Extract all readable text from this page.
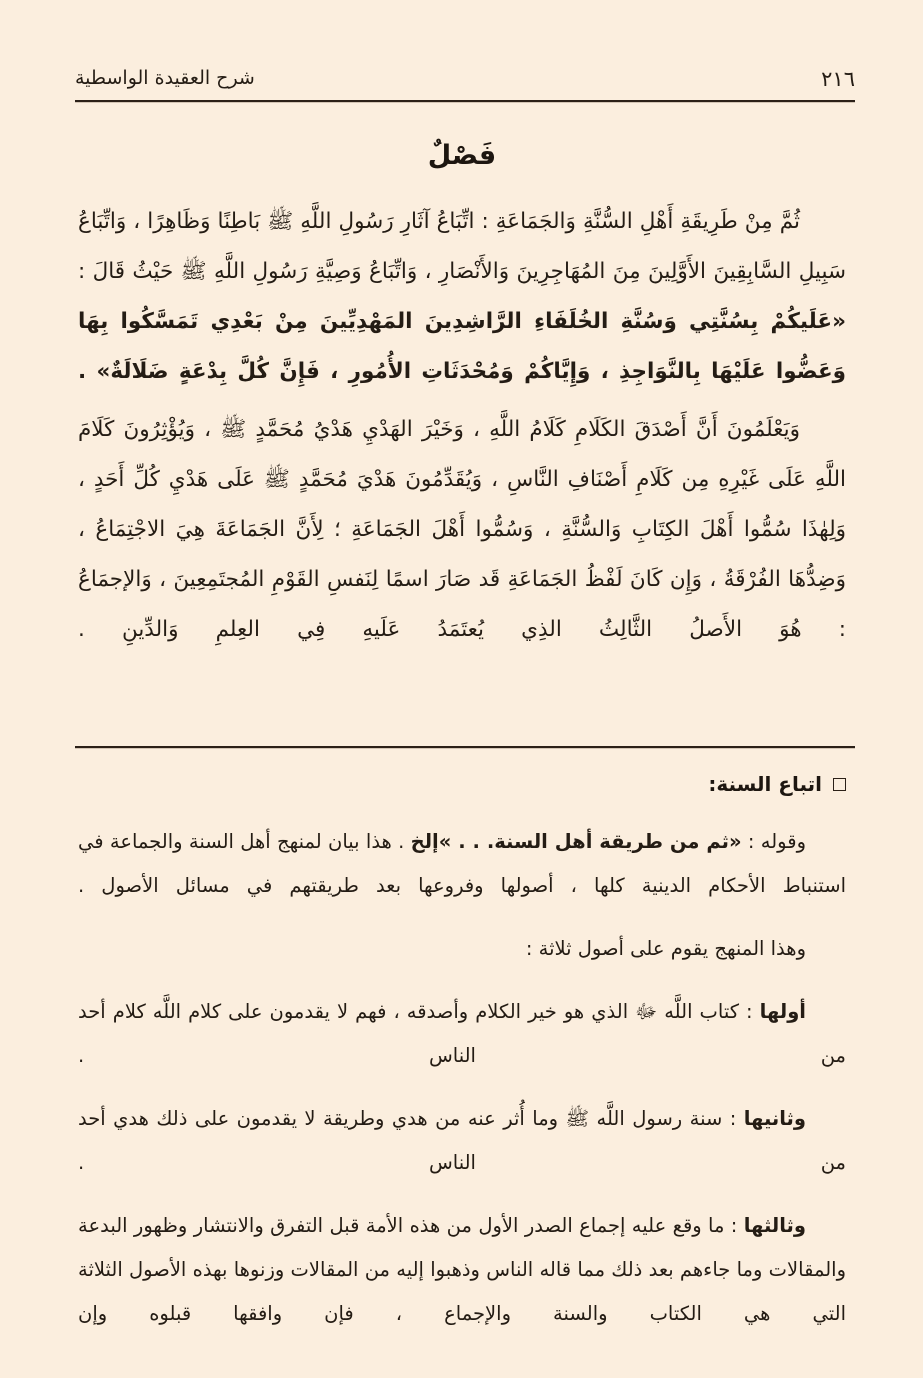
شرح العقيدة الواسطية	٢١٦
فَصْلٌ

ثُمَّ مِنْ طَرِيقَةِ أَهْلِ السُّنَّةِ وَالجَمَاعَةِ : اتِّبَاعُ آثَارِ رَسُولِ اللَّهِ ﷺ بَاطِنًا وَظَاهِرًا ، وَاتِّبَاعُ سَبِيلِ السَّابِقِينَ الأَوَّلِينَ مِنَ المُهَاجِرِينَ وَالأَنْصَارِ ، وَاتِّبَاعُ وَصِيَّةِ رَسُولِ اللَّهِ ﷺ حَيْثُ قَالَ : «عَلَيكُمْ بِسُنَّتِي وَسُنَّةِ الخُلَفَاءِ الرَّاشِدِينَ المَهْدِيِّينَ مِنْ بَعْدِي تَمَسَّكُوا بِهَا وَعَضُّوا عَلَيْهَا بِالنَّوَاجِذِ ، وَإِيَّاكُمْ وَمُحْدَثَاتِ الأُمُورِ ، فَإِنَّ كُلَّ بِدْعَةٍ ضَلَالَةٌ» .

وَيَعْلَمُونَ أَنَّ أَصْدَقَ الكَلَامِ كَلَامُ اللَّهِ ، وَخَيْرَ الهَدْيِ هَدْيُ مُحَمَّدٍ ﷺ ، وَيُؤْثِرُونَ كَلَامَ اللَّهِ عَلَى غَيْرِهِ مِن كَلَامِ أَصْنَافِ النَّاسِ ، وَيُقَدِّمُونَ هَدْيَ مُحَمَّدٍ ﷺ عَلَى هَدْيِ كُلِّ أَحَدٍ ، وَلِهٰذَا سُمُّوا أَهْلَ الكِتَابِ وَالسُّنَّةِ ، وَسُمُّوا أَهْلَ الجَمَاعَةِ ؛ لِأَنَّ الجَمَاعَةَ هِيَ الاجْتِمَاعُ ، وَضِدُّهَا الفُرْقَةُ ، وَإِن كَانَ لَفْظُ الجَمَاعَةِ قَد صَارَ اسمًا لِنَفسِ القَوْمِ المُجتَمِعِينَ ، وَالإجمَاعُ : هُوَ الأَصلُ الثَّالِثُ الذِي يُعتَمَدُ عَلَيهِ فِي العِلمِ وَالدِّينِ .

اتباع السنة:

وقوله : «ثم من طريقة أهل السنة. . . »إلخ . هذا بيان لمنهج أهل السنة والجماعة في استنباط الأحكام الدينية كلها ، أصولها وفروعها بعد طريقتهم في مسائل الأصول .

وهذا المنهج يقوم على أصول ثلاثة :

أولها : كتاب اللَّه ﷻ الذي هو خير الكلام وأصدقه ، فهم لا يقدمون على كلام اللَّه كلام أحد من الناس .

وثانيها : سنة رسول اللَّه ﷺ وما أُثر عنه من هدي وطريقة لا يقدمون على ذلك هدي أحد من الناس .

وثالثها : ما وقع عليه إجماع الصدر الأول من هذه الأمة قبل التفرق والانتشار وظهور البدعة والمقالات وما جاءهم بعد ذلك مما قاله الناس وذهبوا إليه من المقالات وزنوها بهذه الأصول الثلاثة التي هي الكتاب والسنة والإجماع ، فإن وافقها قبلوه وإن
